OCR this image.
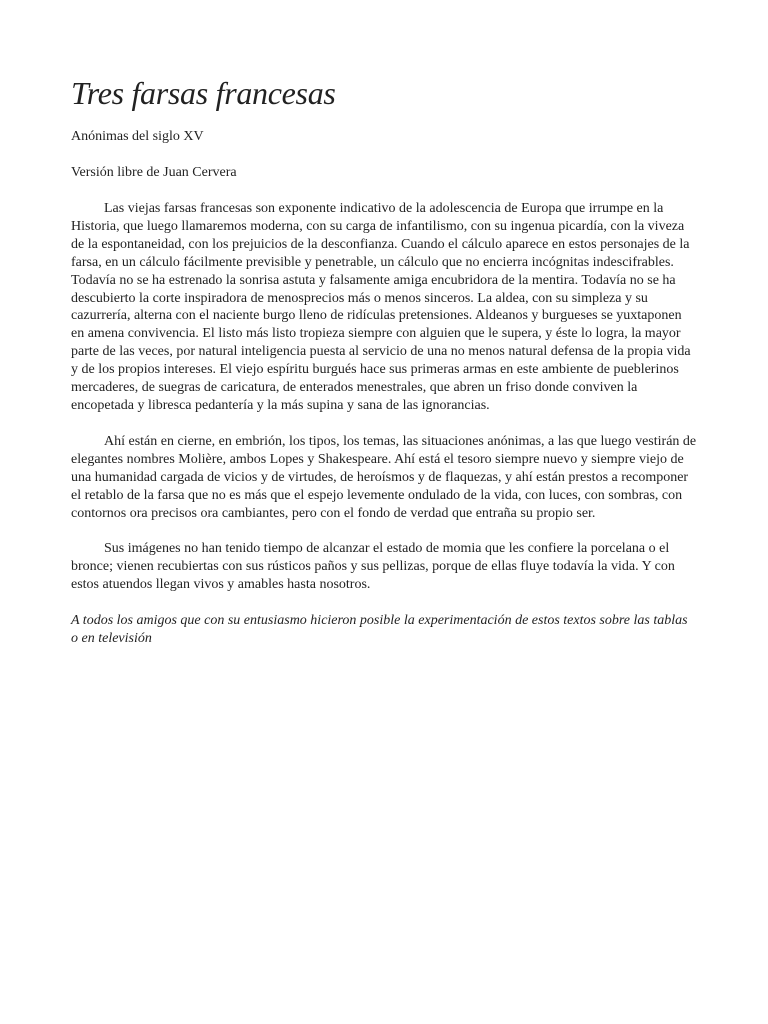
Tres farsas francesas

Anónimas del siglo XV

Versión libre de Juan Cervera

Las viejas farsas francesas son exponente indicativo de la adolescencia de Europa que irrumpe en la Historia, que luego llamaremos moderna, con su carga de infantilismo, con su ingenua picardía, con la viveza de la espontaneidad, con los prejuicios de la desconfianza. Cuando el cálculo aparece en estos personajes de la farsa, en un cálculo fácilmente previsible y penetrable, un cálculo que no encierra incógnitas indescifrables. Todavía no se ha estrenado la sonrisa astuta y falsamente amiga encubridora de la mentira. Todavía no se ha descubierto la corte inspiradora de menosprecios más o menos sinceros. La aldea, con su simpleza y su cazurrería, alterna con el naciente burgo lleno de ridículas pretensiones. Aldeanos y burgueses se yuxtaponen en amena convivencia. El listo más listo tropieza siempre con alguien que le supera, y éste lo logra, la mayor parte de las veces, por natural inteligencia puesta al servicio de una no menos natural defensa de la propia vida y de los propios intereses. El viejo espíritu burgués hace sus primeras armas en este ambiente de pueblerinos mercaderes, de suegras de caricatura, de enterados menestrales, que abren un friso donde conviven la encopetada y libresca pedantería y la más supina y sana de las ignorancias.

Ahí están en cierne, en embrión, los tipos, los temas, las situaciones anónimas, a las que luego vestirán de elegantes nombres Molière, ambos Lopes y Shakespeare. Ahí está el tesoro siempre nuevo y siempre viejo de una humanidad cargada de vicios y de virtudes, de heroísmos y de flaquezas, y ahí están prestos a recomponer el retablo de la farsa que no es más que el espejo levemente ondulado de la vida, con luces, con sombras, con contornos ora precisos ora cambiantes, pero con el fondo de verdad que entraña su propio ser.

Sus imágenes no han tenido tiempo de alcanzar el estado de momia que les confiere la porcelana o el bronce; vienen recubiertas con sus rústicos paños y sus pellizas, porque de ellas fluye todavía la vida. Y con estos atuendos llegan vivos y amables hasta nosotros.

A todos los amigos que con su entusiasmo hicieron posible la experimentación de estos textos sobre las tablas o en televisión
